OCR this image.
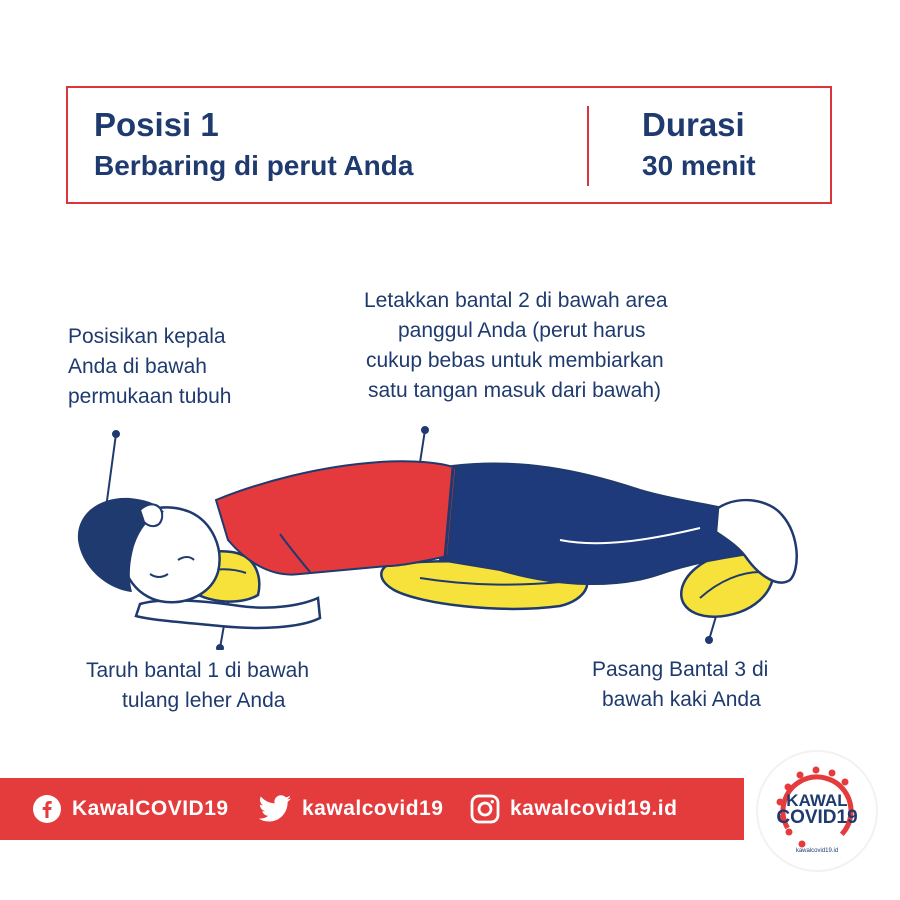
Posisi 1
Berbaring di perut Anda
Durasi
30 menit
Posisikan kepala
Anda di bawah
permukaan tubuh
Letakkan bantal 2 di bawah area
panggul Anda (perut harus
cukup bebas untuk membiarkan
satu tangan masuk dari bawah)
Taruh bantal 1 di bawah
tulang leher Anda
Pasang Bantal 3 di
bawah kaki Anda
KawalCOVID19	kawalcovid19	kawalcovid19.id	KAWAL
COVID19
kawalcovid19.id
